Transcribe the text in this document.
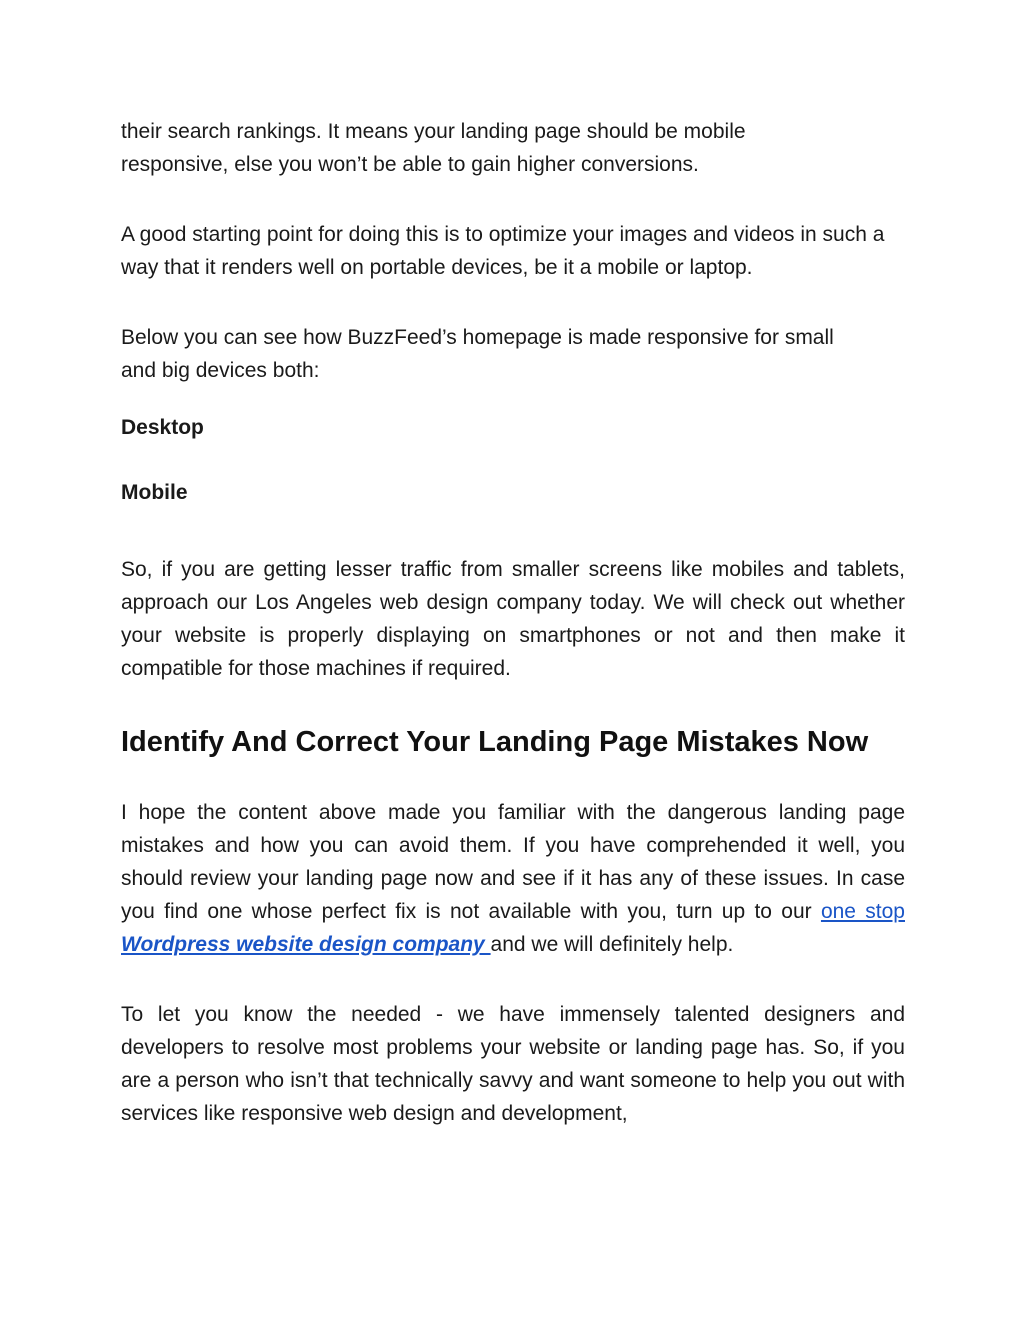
their search rankings. It means your landing page should be mobile responsive, else you won’t be able to gain higher conversions.

A good starting point for doing this is to optimize your images and videos in such a way that it renders well on portable devices, be it a mobile or laptop.

Below you can see how BuzzFeed’s homepage is made responsive for small and big devices both:

Desktop

Mobile

So, if you are getting lesser traffic from smaller screens like mobiles and tablets, approach our Los Angeles web design company today. We will check out whether your website is properly displaying on smartphones or not and then make it compatible for those machines if required.

Identify And Correct Your Landing Page Mistakes Now

I hope the content above made you familiar with the dangerous landing page mistakes and how you can avoid them. If you have comprehended it well, you should review your landing page now and see if it has any of these issues. In case you find one whose perfect fix is not available with you, turn up to our one stop Wordpress website design company and we will definitely help.

To let you know the needed - we have immensely talented designers and developers to resolve most problems your website or landing page has. So, if you are a person who isn’t that technically savvy and want someone to help you out with services like responsive web design and development,
